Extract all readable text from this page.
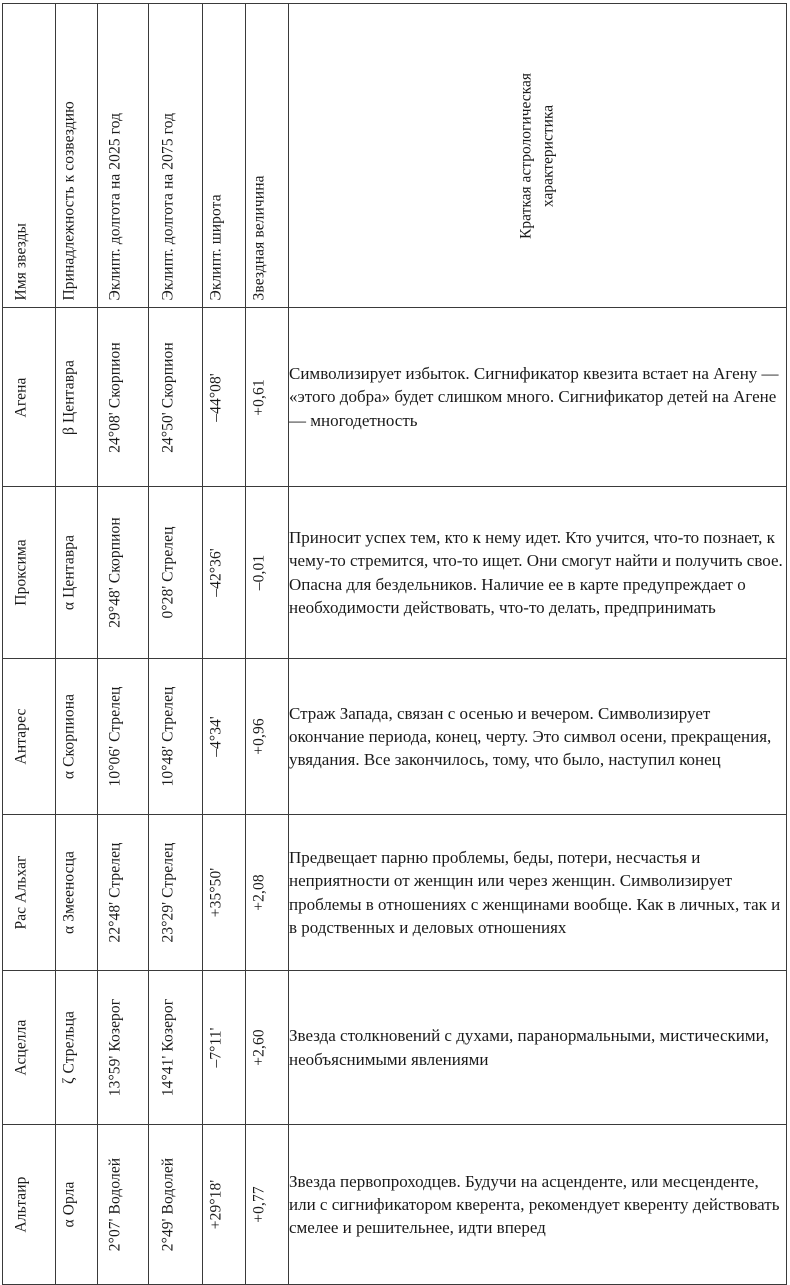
Имя звезды	Принадлежность к созвездию	Эклипт. долгота на 2025 год	Эклипт. долгота на 2075 год	Эклипт. широта	Звездная величина	Краткая астрологическая характеристика

Агена	β Центавра	24°08' Скорпион	24°50' Скорпион	–44°08'	+0,61	Символизирует избыток. Сигнификатор квезита встает на Агену — «этого добра» будет слишком много. Сигнификатор детей на Агене — многодетность

Проксима	α Центавра	29°48' Скорпион	0°28' Стрелец	–42°36'	–0,01	Приносит успех тем, кто к нему идет. Кто учится, что-то познает, к чему-то стремится, что-то ищет. Они смогут найти и получить свое. Опасна для бездельников. Наличие ее в карте предупреждает о необходимости действовать, что-то делать, предпринимать

Антарес	α Скорпиона	10°06' Стрелец	10°48' Стрелец	–4°34'	+0,96	Страж Запада, связан с осенью и вечером. Символизирует окончание периода, конец, черту. Это символ осени, прекращения, увядания. Все закончилось, тому, что было, наступил конец

Рас Альхаг	α Змееносца	22°48' Стрелец	23°29' Стрелец	+35°50'	+2,08	Предвещает парню проблемы, беды, потери, несчастья и неприятности от женщин или через женщин. Символизирует проблемы в отношениях с женщинами вообще. Как в личных, так и в родственных и деловых отношениях

Асцелла	ζ Стрельца	13°59' Козерог	14°41' Козерог	–7°11'	+2,60	Звезда столкновений с духами, паранормальными, мистическими, необъяснимыми явлениями

Альтаир	α Орла	2°07' Водолей	2°49' Водолей	+29°18'	+0,77	Звезда первопроходцев. Будучи на асценденте, или месценденте, или с сигнификатором кверента, рекомендует кверенту действовать смелее и решительнее, идти вперед
